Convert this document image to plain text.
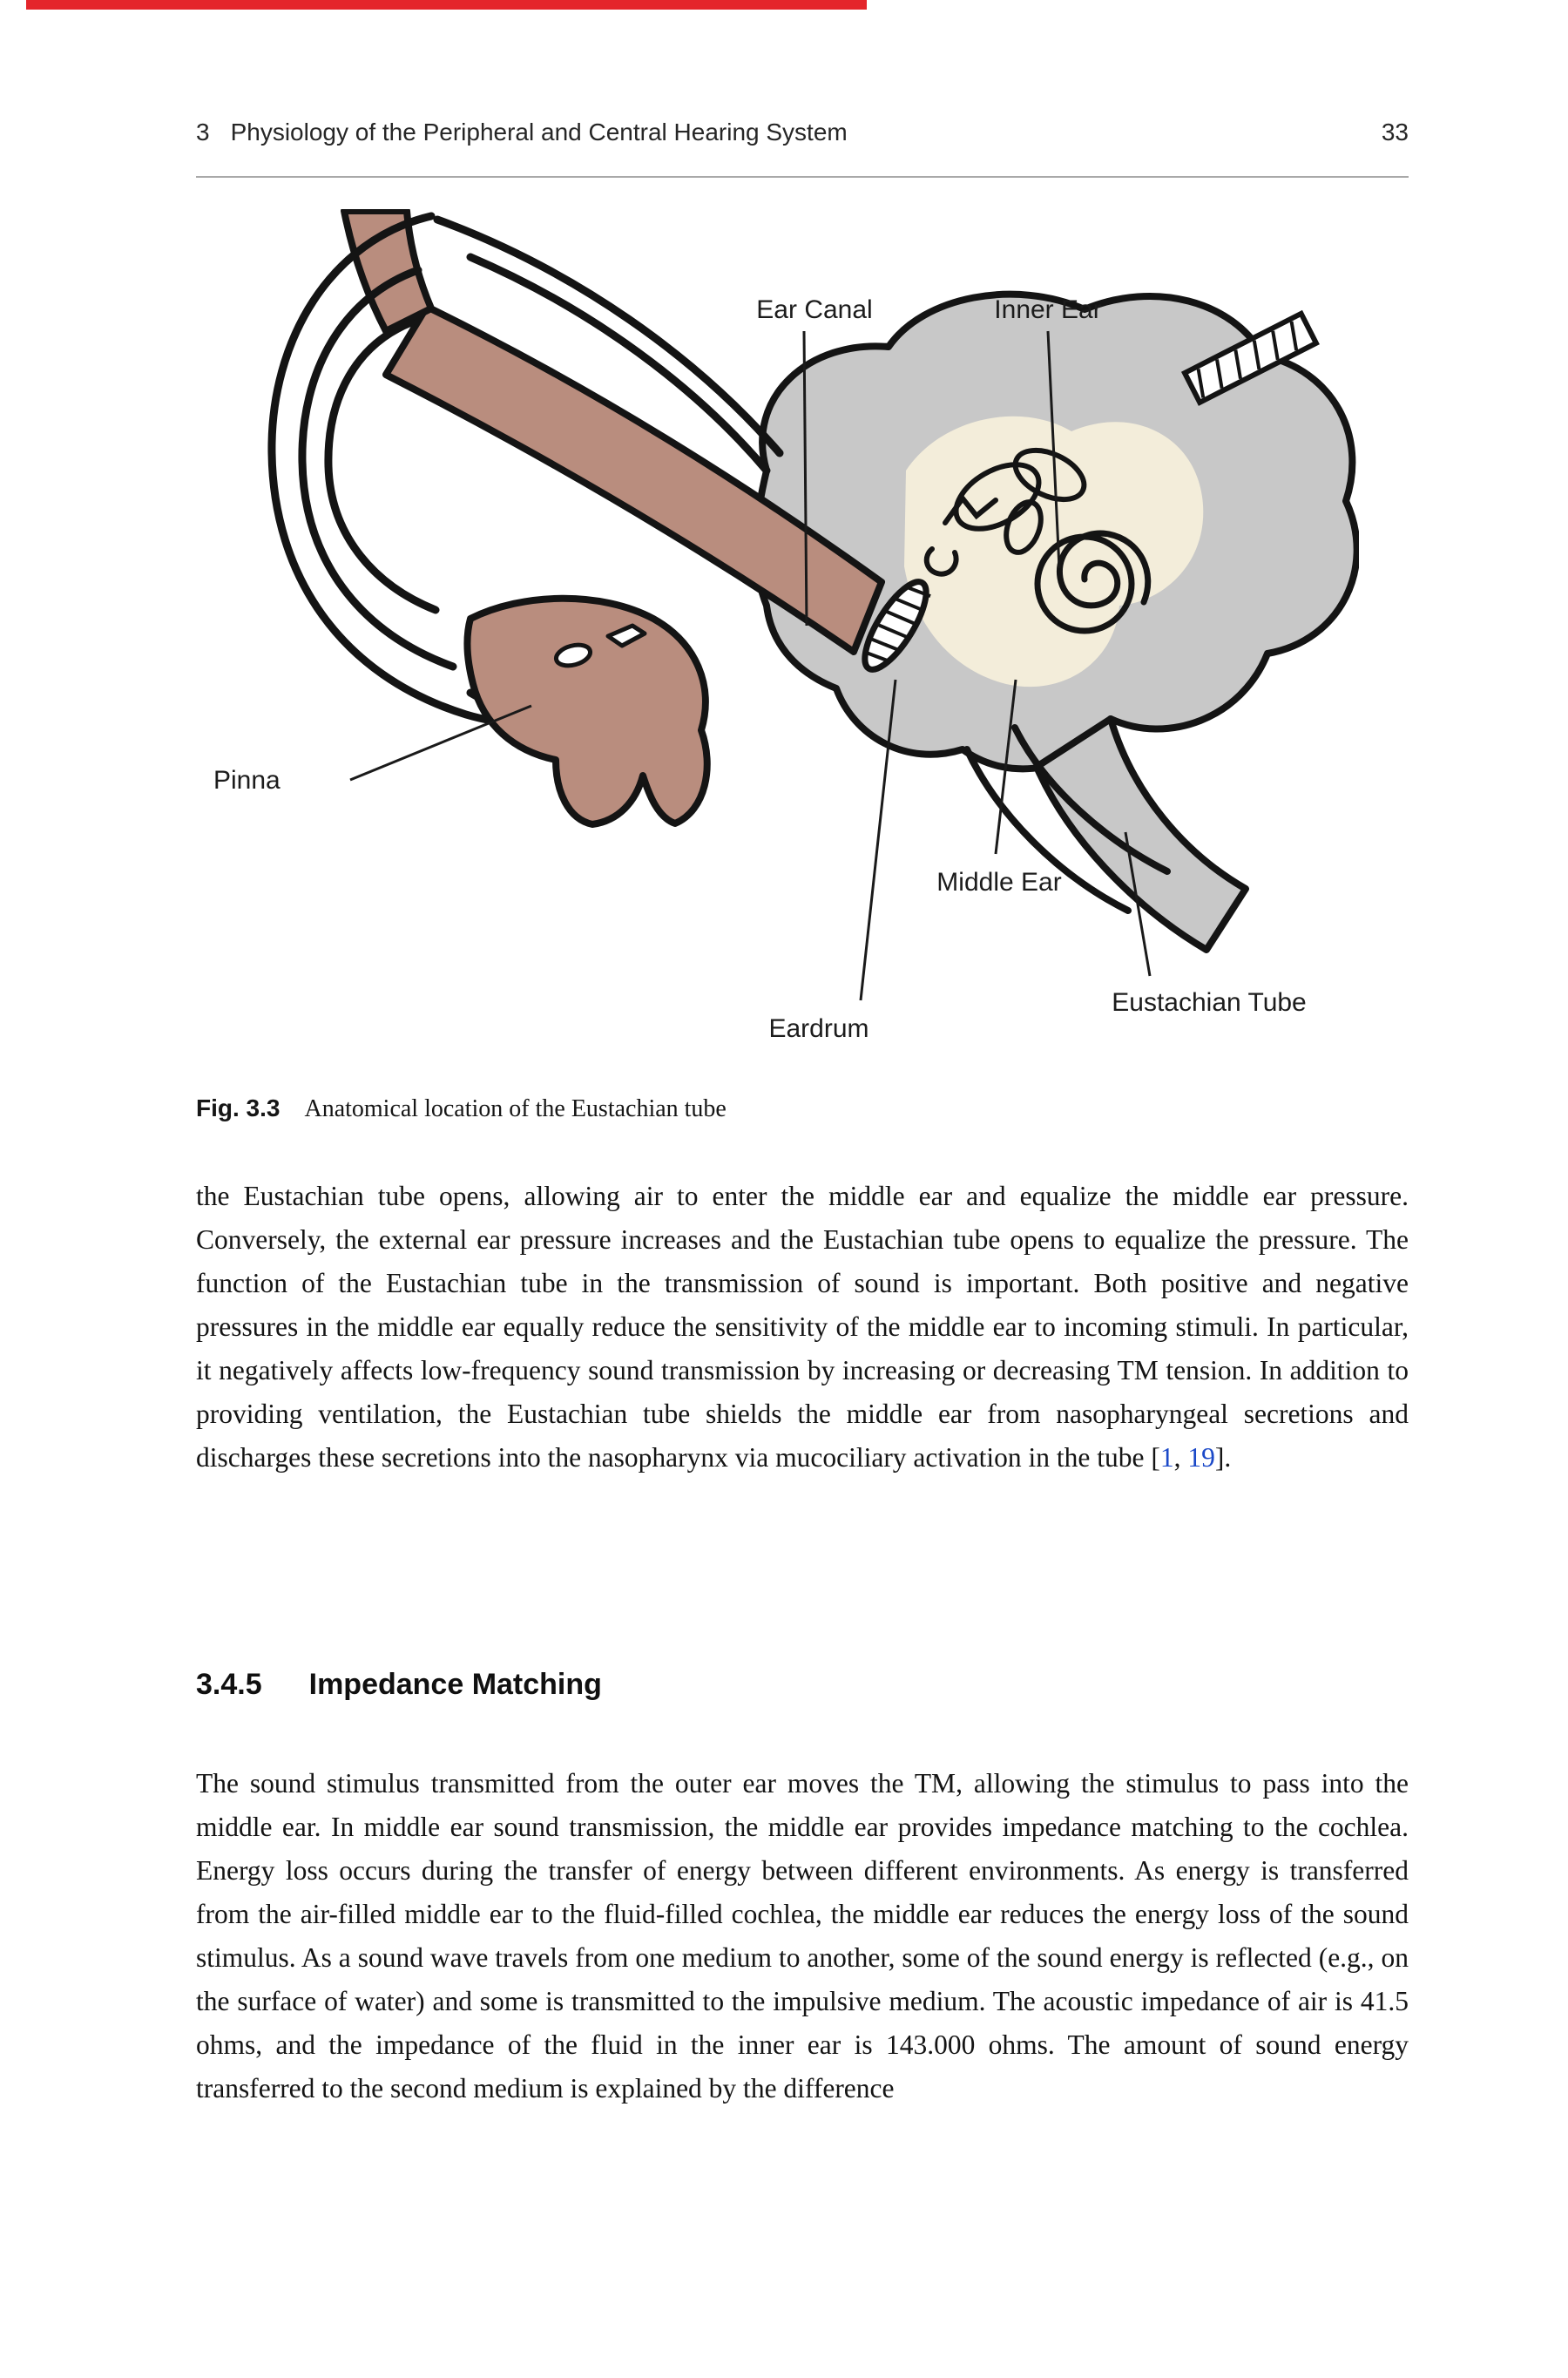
3 Physiology of the Peripheral and Central Hearing System	33
Ear Canal	Inner Ear
Pinna
Middle Ear
Eardrum
Eustachian Tube
Fig. 3.3 Anatomical location of the Eustachian tube

the Eustachian tube opens, allowing air to enter the middle ear and equalize the middle ear pressure. Conversely, the external ear pressure increases and the Eustachian tube opens to equalize the pressure. The function of the Eustachian tube in the transmission of sound is important. Both positive and negative pressures in the middle ear equally reduce the sensitivity of the middle ear to incoming stimuli. In particular, it negatively affects low-frequency sound transmission by increasing or decreasing TM tension. In addition to providing ventilation, the Eustachian tube shields the middle ear from nasopharyngeal secretions and discharges these secretions into the nasopharynx via mucociliary activation in the tube [1, 19].

3.4.5 Impedance Matching

The sound stimulus transmitted from the outer ear moves the TM, allowing the stimulus to pass into the middle ear. In middle ear sound transmission, the middle ear provides impedance matching to the cochlea. Energy loss occurs during the transfer of energy between different environments. As energy is transferred from the air-filled middle ear to the fluid-filled cochlea, the middle ear reduces the energy loss of the sound stimulus. As a sound wave travels from one medium to another, some of the sound energy is reflected (e.g., on the surface of water) and some is transmitted to the impulsive medium. The acoustic impedance of air is 41.5 ohms, and the impedance of the fluid in the inner ear is 143.000 ohms. The amount of sound energy transferred to the second medium is explained by the difference
